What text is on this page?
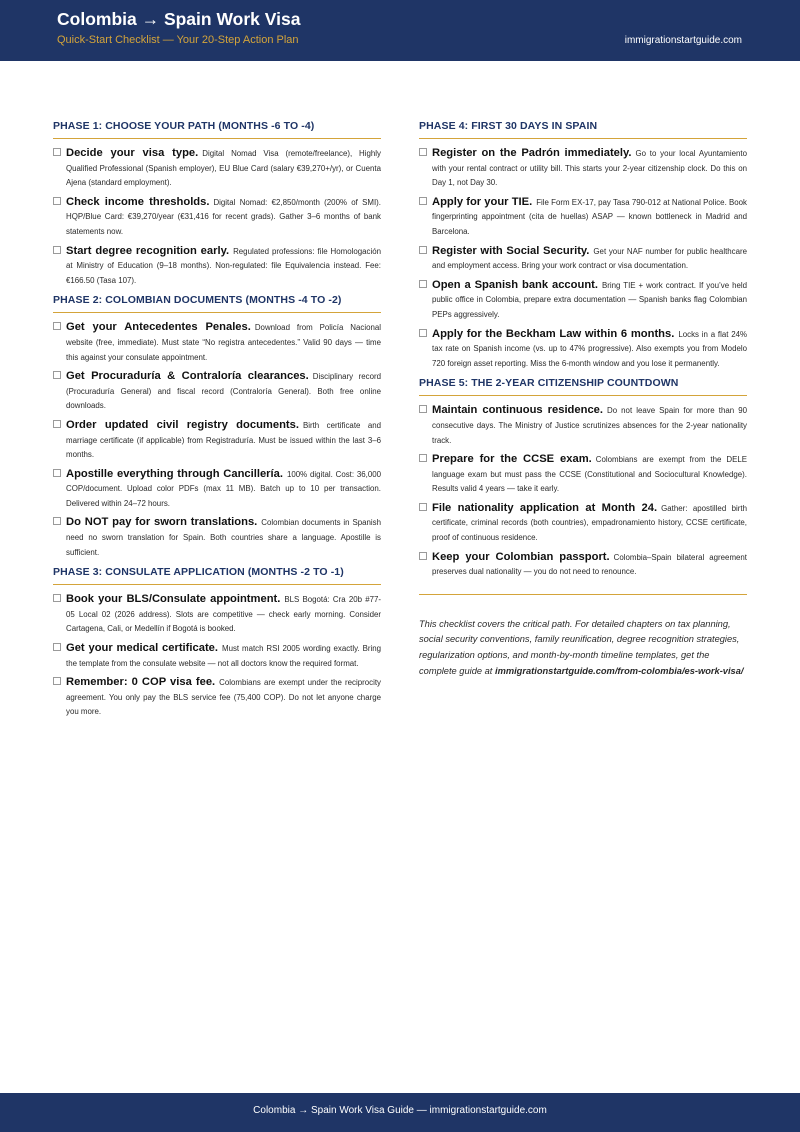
Colombia → Spain Work Visa
Quick-Start Checklist — Your 20-Step Action Plan	immigrationstartguide.com
PHASE 1: CHOOSE YOUR PATH (MONTHS -6 TO -4)
Decide your visa type. Digital Nomad Visa (remote/freelance), Highly Qualified Professional (Spanish employer), EU Blue Card (salary €39,270+/yr), or Cuenta Ajena (standard employment).
Check income thresholds. Digital Nomad: €2,850/month (200% of SMI). HQP/Blue Card: €39,270/year (€31,416 for recent grads). Gather 3–6 months of bank statements now.
Start degree recognition early. Regulated professions: file Homologación at Ministry of Education (9–18 months). Non-regulated: file Equivalencia instead. Fee: €166.50 (Tasa 107).
PHASE 2: COLOMBIAN DOCUMENTS (MONTHS -4 TO -2)
Get your Antecedentes Penales. Download from Policía Nacional website (free, immediate). Must state “No registra antecedentes.” Valid 90 days — time this against your consulate appointment.
Get Procuraduría & Contraloría clearances. Disciplinary record (Procuraduría General) and fiscal record (Contraloría General). Both free online downloads.
Order updated civil registry documents. Birth certificate and marriage certificate (if applicable) from Registraduría. Must be issued within the last 3–6 months.
Apostille everything through Cancillería. 100% digital. Cost: 36,000 COP/document. Upload color PDFs (max 11 MB). Batch up to 10 per transaction. Delivered within 24–72 hours.
Do NOT pay for sworn translations. Colombian documents in Spanish need no sworn translation for Spain. Both countries share a language. Apostille is sufficient.
PHASE 3: CONSULATE APPLICATION (MONTHS -2 TO -1)
Book your BLS/Consulate appointment. BLS Bogotá: Cra 20b #77-05 Local 02 (2026 address). Slots are competitive — check early morning. Consider Cartagena, Cali, or Medellín if Bogotá is booked.
Get your medical certificate. Must match RSI 2005 wording exactly. Bring the template from the consulate website — not all doctors know the required format.
Remember: 0 COP visa fee. Colombians are exempt under the reciprocity agreement. You only pay the BLS service fee (75,400 COP). Do not let anyone charge you more.
PHASE 4: FIRST 30 DAYS IN SPAIN
Register on the Padrón immediately. Go to your local Ayuntamiento with your rental contract or utility bill. This starts your 2-year citizenship clock. Do this on Day 1, not Day 30.
Apply for your TIE. File Form EX-17, pay Tasa 790-012 at National Police. Book fingerprinting appointment (cita de huellas) ASAP — known bottleneck in Madrid and Barcelona.
Register with Social Security. Get your NAF number for public healthcare and employment access. Bring your work contract or visa documentation.
Open a Spanish bank account. Bring TIE + work contract. If you’ve held public office in Colombia, prepare extra documentation — Spanish banks flag Colombian PEPs aggressively.
Apply for the Beckham Law within 6 months. Locks in a flat 24% tax rate on Spanish income (vs. up to 47% progressive). Also exempts you from Modelo 720 foreign asset reporting. Miss the 6-month window and you lose it permanently.
PHASE 5: THE 2-YEAR CITIZENSHIP COUNTDOWN
Maintain continuous residence. Do not leave Spain for more than 90 consecutive days. The Ministry of Justice scrutinizes absences for the 2-year nationality track.
Prepare for the CCSE exam. Colombians are exempt from the DELE language exam but must pass the CCSE (Constitutional and Sociocultural Knowledge). Results valid 4 years — take it early.
File nationality application at Month 24. Gather: apostilled birth certificate, criminal records (both countries), empadronamiento history, CCSE certificate, proof of continuous residence.
Keep your Colombian passport. Colombia–Spain bilateral agreement preserves dual nationality — you do not need to renounce.

This checklist covers the critical path. For detailed chapters on tax planning, social security conventions, family reunification, degree recognition strategies, regularization options, and month-by-month timeline templates, get the complete guide at immigrationstartguide.com/from-colombia/es-work-visa/

Colombia → Spain Work Visa Guide — immigrationstartguide.com
